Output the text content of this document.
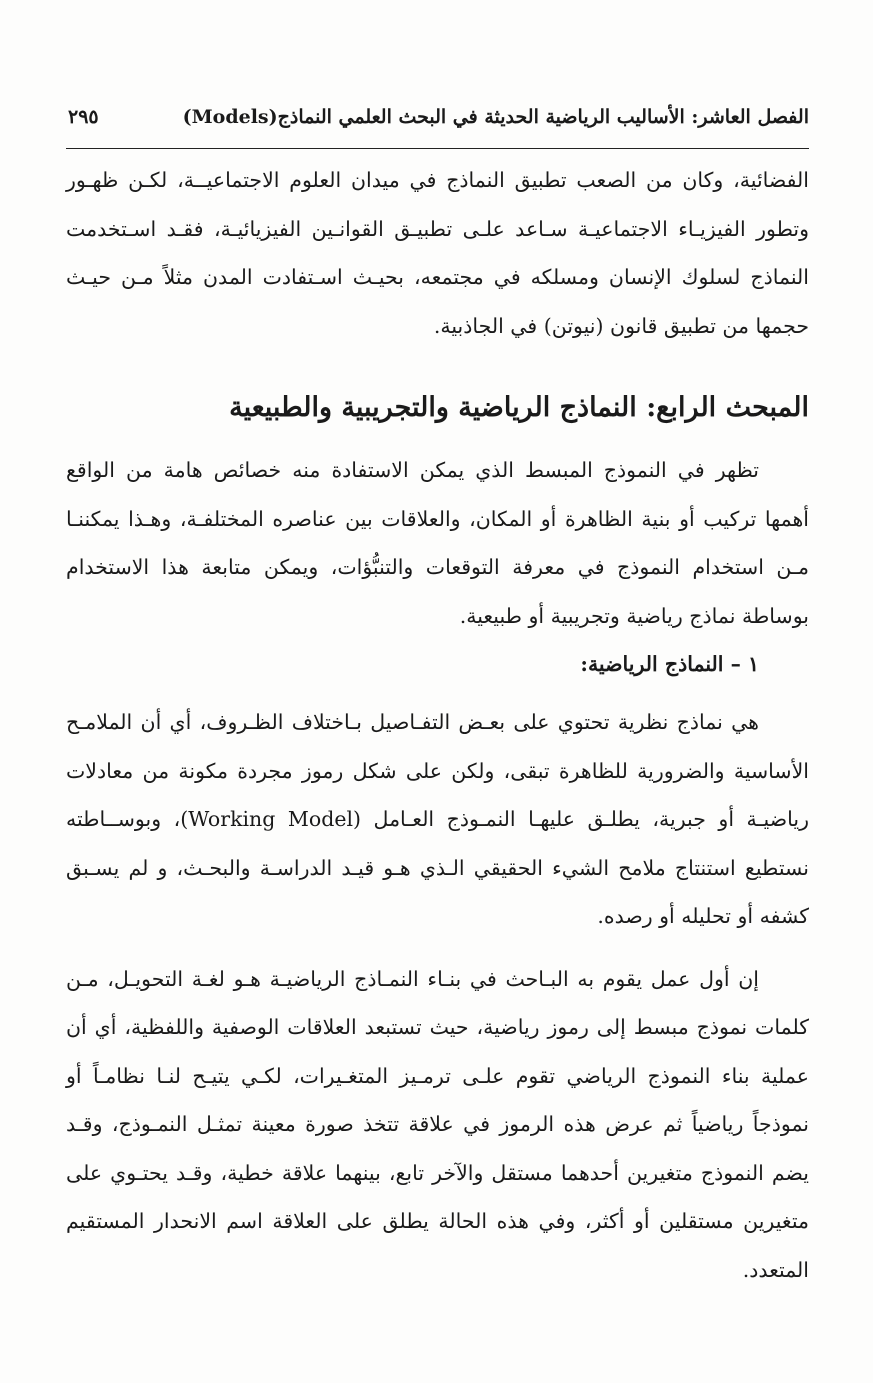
الفصل العاشر: الأساليب الرياضية الحديثة في البحث العلمي النماذج(Models)
٢٩٥

الفضائية، وكان من الصعب تطبيق النماذج في ميدان العلوم الاجتماعيــة، لكـن ظهـور وتطور الفيزيـاء الاجتماعيـة سـاعد علـى تطبيـق القوانـين الفيزيائيـة، فقـد اسـتخدمت النماذج لسلوك الإنسان ومسلكه في مجتمعه، بحيـث اسـتفادت المدن مثلاً مـن حيـث حجمها من تطبيق قانون (نيوتن) في الجاذبية.

المبحث الرابع: النماذج الرياضية والتجريبية والطبيعية

تظهر في النموذج المبسط الذي يمكن الاستفادة منه خصائص هامة من الواقع أهمها تركيب أو بنية الظاهرة أو المكان، والعلاقات بين عناصره المختلفـة، وهـذا يمكننـا مـن استخدام النموذج في معرفة التوقعات والتنبُّؤات، ويمكن متابعة هذا الاستخدام بوساطة نماذج رياضية وتجريبية أو طبيعية.

١ – النماذج الرياضية:

هي نماذج نظرية تحتوي على بعـض التفـاصيل بـاختلاف الظـروف، أي أن الملامـح الأساسية والضرورية للظاهرة تبقى، ولكن على شكل رموز مجردة مكونة من معادلات رياضيـة أو جبرية، يطلـق عليهـا النمـوذج العـامل (Working Model)، وبوســاطته نستطيع استنتاج ملامح الشيء الحقيقي الـذي هـو قيـد الدراسـة والبحـث، و لم يسـبق كشفه أو تحليله أو رصده.

إن أول عمل يقوم به البـاحث في بنـاء النمـاذج الرياضيـة هـو لغـة التحويـل، مـن كلمات نموذج مبسط إلى رموز رياضية، حيث تستبعد العلاقات الوصفية واللفظية، أي أن عملية بناء النموذج الرياضي تقوم علـى ترمـيز المتغـيرات، لكـي يتيـح لنـا نظامـاً أو نموذجاً رياضياً ثم عرض هذه الرموز في علاقة تتخذ صورة معينة تمثـل النمـوذج، وقـد يضم النموذج متغيرين أحدهما مستقل والآخر تابع، بينهما علاقة خطية، وقـد يحتـوي على متغيرين مستقلين أو أكثر، وفي هذه الحالة يطلق على العلاقة اسم الانحدار المستقيم المتعدد.
